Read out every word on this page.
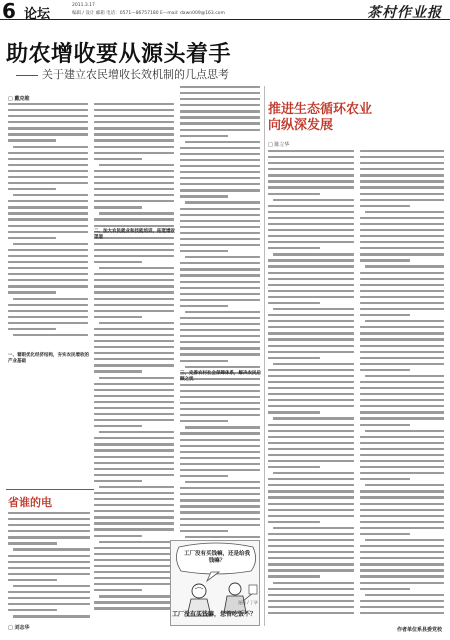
6 论坛
2011.3.17
编辑 / 设计 邮箱 电话：0571—86757180 E—mail: dawn009@163.com	茶村作业报
助农增收要从源头着手
关于建立农民增收长效机制的几点思考
□ 戴克维
推进生态循环农业
向纵深发展
□ 陈立华
作者单位系县委党校
省谁的电
□ 刘志华
工厂没有买钱嘛，还是给我钱嘛？
漫画 / 丁华
工厂没有买钱嘛，您管吃饭不？
一、着眼优化经济结构，夯实农民增收的产业基础
二、加大农民就业和技能培训，拓宽增收渠道
三、完善农村社会保障体系，解决农民后顾之忧
